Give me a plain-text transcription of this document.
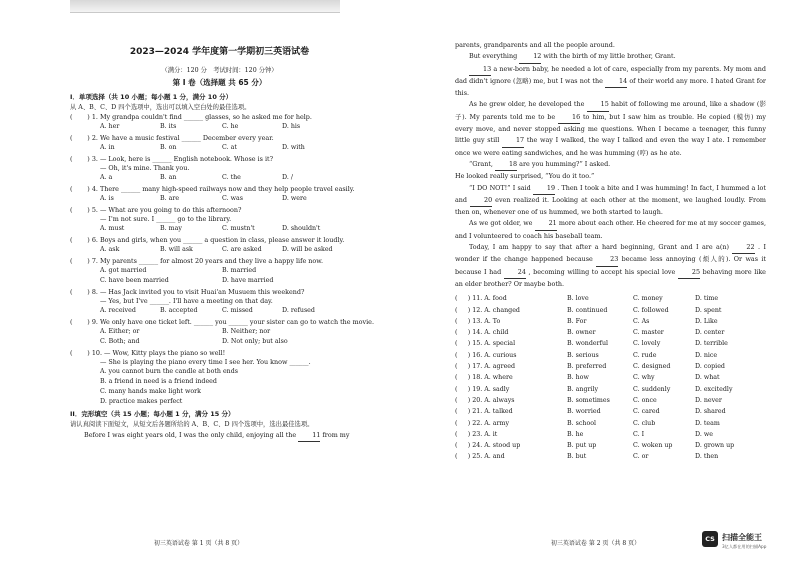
2023—2024 学年度第一学期初三英语试卷
（满分：120 分　考试时间：120 分钟）
第 I 卷（选择题 共 65 分）
I．单项选择（共 10 小题；每小题 1 分，满分 10 分）
从 A、B、C、D 四个选项中，选出可以填入空白处的最佳选项。
( 　　) 1. My grandpa couldn't find ______ glasses, so he asked me for help.
A. her	B. its	C. he	D. his
( 　　) 2. We have a music festival ______ December every year.
A. in	B. on	C. at	D. with
( 　　) 3. — Look, here is ______ English notebook. Whose is it?
— Oh, it's mine. Thank you.
A. a	B. an	C. the	D. /
( 　　) 4. There ______ many high-speed railways now and they help people travel easily.
A. is	B. are	C. was	D. were
( 　　) 5. — What are you going to do this afternoon?
— I'm not sure. I ______ go to the library.
A. must	B. may	C. mustn't	D. shouldn't
( 　　) 6. Boys and girls, when you ______ a question in class, please answer it loudly.
A. ask	B. will ask	C. are asked	D. will be asked
( 　　) 7. My parents ______ for almost 20 years and they live a happy life now.
A. got married	B. married
C. have been married	D. have married
( 　　) 8. — Has Jack invited you to visit Huai'an Musuem this weekend?
— Yes, but I've ______. I'll have a meeting on that day.
A. received	B. accepted	C. missed	D. refused
( 　　) 9. We only have one ticket left. ______ you ______ your sister can go to watch the movie.
A. Either; or	B. Neither; nor
C. Both; and	D. Not only; but also
( 　　) 10. — Wow, Kitty plays the piano so well!
— She is playing the piano every time I see her. You know ______.
A. you cannot burn the candle at both ends
B. a friend in need is a friend indeed
C. many hands make light work
D. practice makes perfect
II．完形填空（共 15 小题；每小题 1 分，满分 15 分）
请认真阅读下面短文，从短文后各题所给的 A、B、C、D 四个选项中，选出最佳选项。

Before I was eight years old, I was the only child, enjoying all the	11 from my

初三英语试卷 第 1 页（共 8 页）

parents, grandparents and all the people around.

But everything 12 with the birth of my little brother, Grant.

13 a new-born baby, he needed a lot of care, especially from my parents. My mom and dad didn't ignore (忽略) me, but I was not the 14 of their world any more. I hated Grant for this.

As he grew older, he developed the 15 habit of following me around, like a shadow (影子). My parents told me to be 16 to him, but I saw him as trouble. He copied (模仿) my every move, and never stopped asking me questions. When I became a teenager, this funny little guy still 17 the way I walked, the way I talked and even the way I ate. I remember once we were eating sandwiches, and he was humming (哼) as he ate.

“Grant, 18 are you humming?” I asked.

He looked really surprised, “You do it too.”

“I DO NOT!” I said 19 . Then I took a bite and I was humming! In fact, I hummed a lot and 20 even realized it. Looking at each other at the moment, we laughed loudly. From then on, whenever one of us hummed, we both started to laugh.

As we got older, we 21 more about each other. He cheered for me at my soccer games, and I volunteered to coach his baseball team.

Today, I am happy to say that after a hard beginning, Grant and I are a(n) 22 . I wonder if the change happened because 23 became less annoying (烦人的). Or was it because I had 24 , becoming willing to accept his special love 25 behaving more like an elder brother? Or maybe both.

( 　 ) 11. A. food	B. love	C. money	D. time
( 　 ) 12. A. changed	B. continued	C. followed	D. spent
( 　 ) 13. A. To	B. For	C. As	D. Like
( 　 ) 14. A. child	B. owner	C. master	D. center
( 　 ) 15. A. special	B. wonderful	C. lovely	D. terrible
( 　 ) 16. A. curious	B. serious	C. rude	D. nice
( 　 ) 17. A. agreed	B. preferred	C. designed	D. copied
( 　 ) 18. A. where	B. how	C. why	D. what
( 　 ) 19. A. sadly	B. angrily	C. suddenly	D. excitedly
( 　 ) 20. A. always	B. sometimes	C. once	D. never
( 　 ) 21. A. talked	B. worried	C. cared	D. shared
( 　 ) 22. A. army	B. school	C. club	D. team
( 　 ) 23. A. it	B. he	C. I	D. we
( 　 ) 24. A. stood up	B. put up	C. woken up	D. grown up
( 　 ) 25. A. and	B. but	C. or	D. then
初三英语试卷 第 2 页（共 8 页）
CS 扫描全能王
3亿人都在用的扫描App
